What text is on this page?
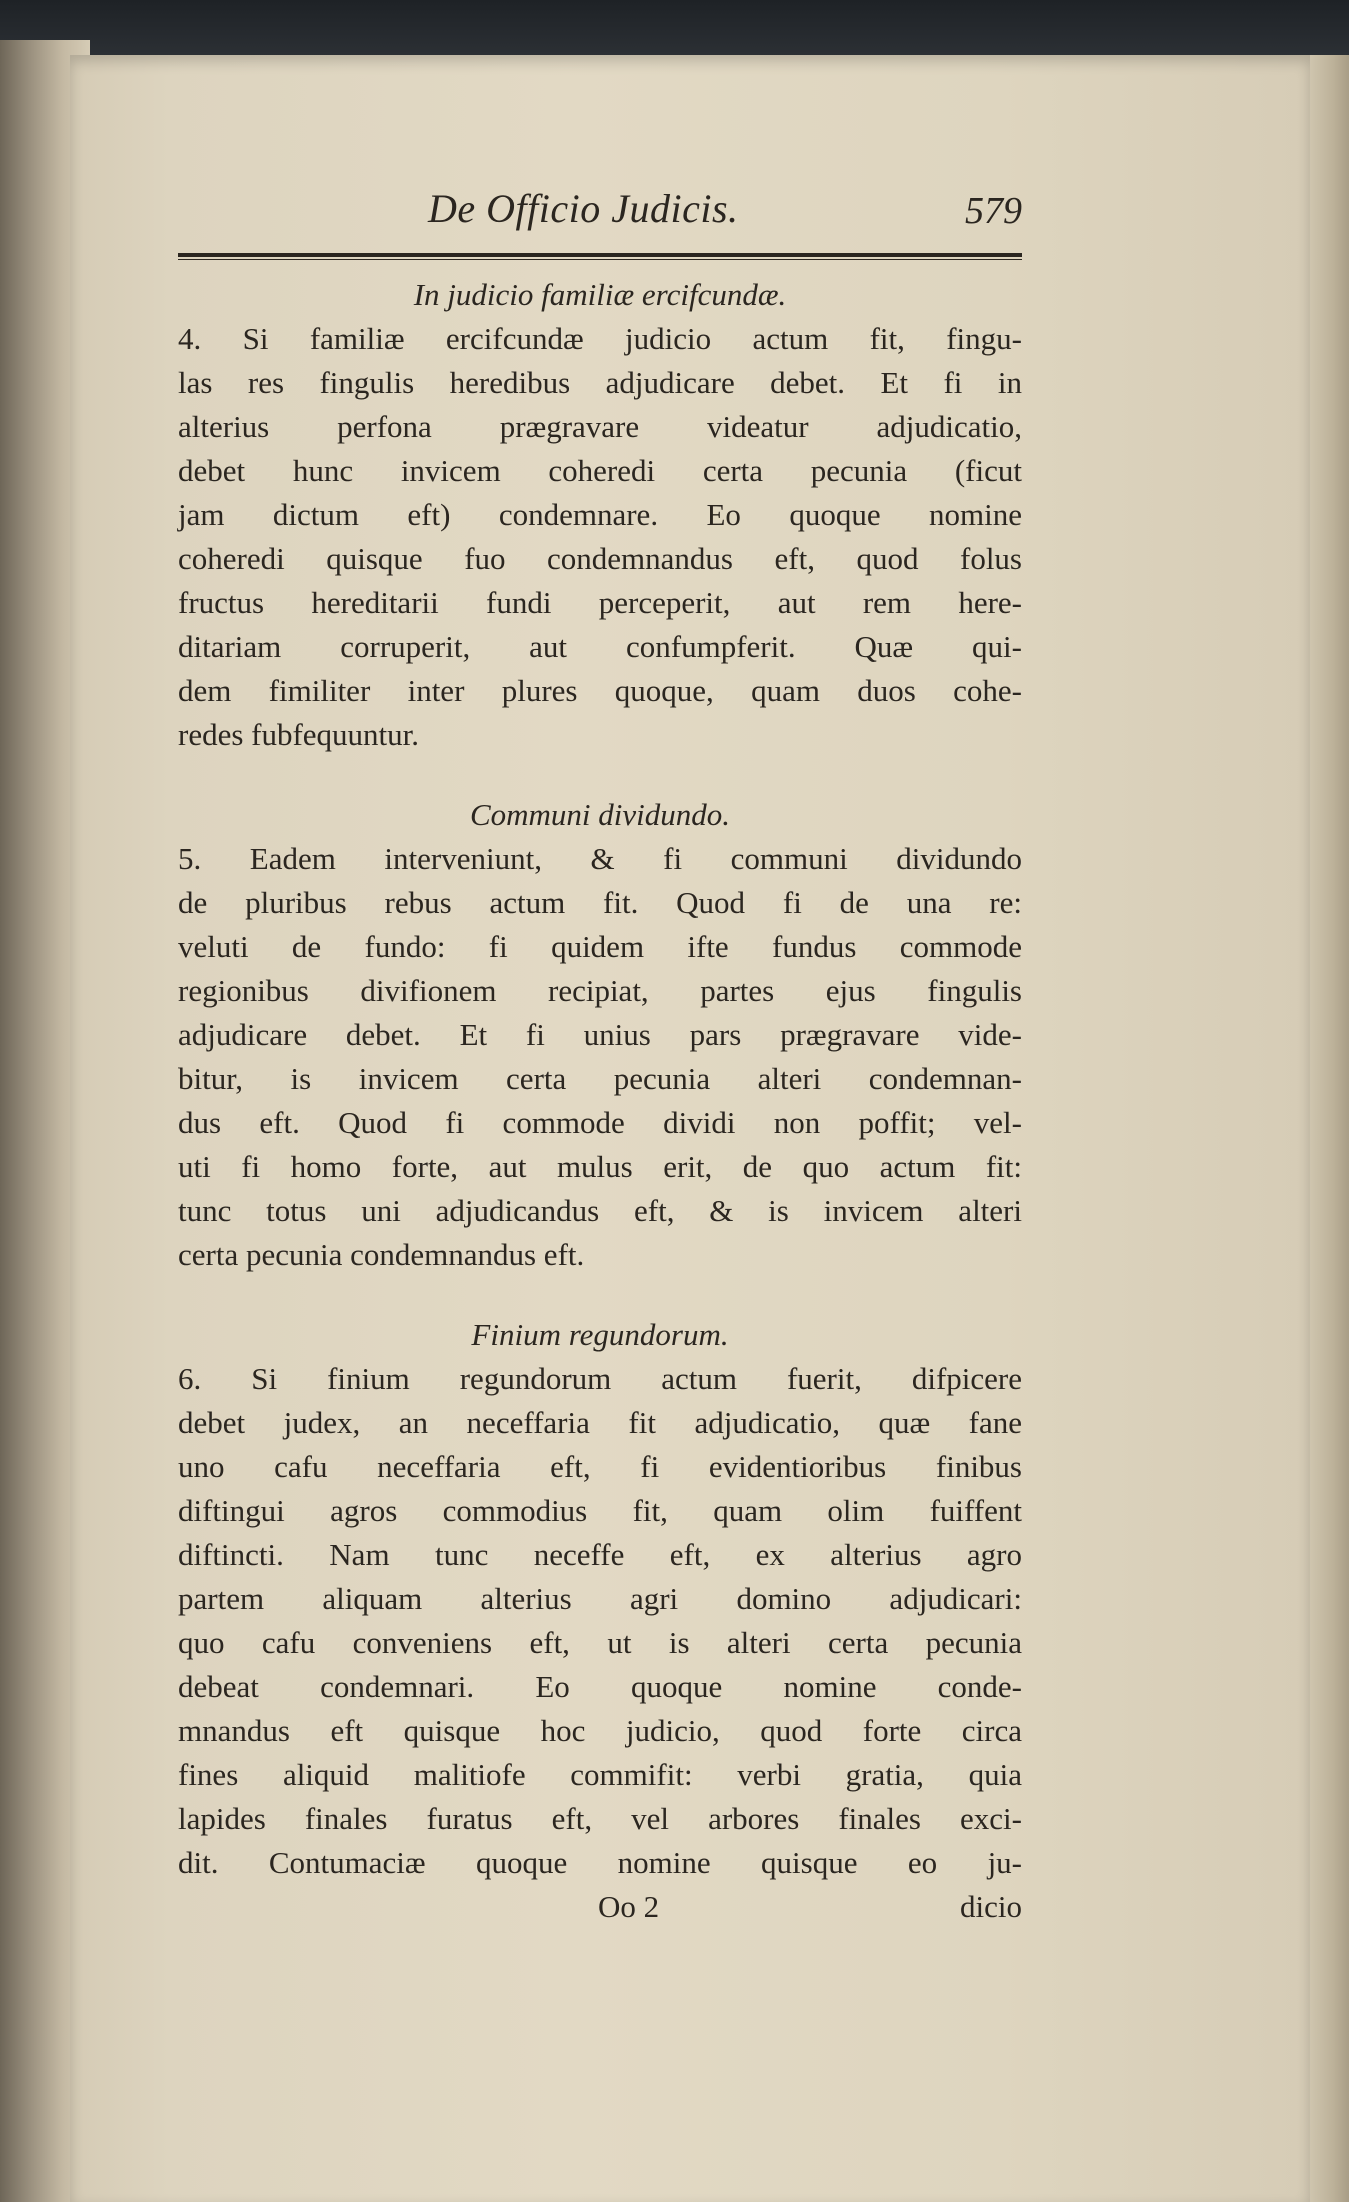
De Officio Judicis.	579

In judicio familiæ ercifcundæ.

4. Si familiæ ercifcundæ judicio actum fit, fingu-
las res fingulis heredibus adjudicare debet. Et fi in
alterius perfona prægravare videatur adjudicatio,
debet hunc invicem coheredi certa pecunia (ficut
jam dictum eft) condemnare. Eo quoque nomine
coheredi quisque fuo condemnandus eft, quod folus
fructus hereditarii fundi perceperit, aut rem here-
ditariam corruperit, aut confumpferit. Quæ qui-
dem fimiliter inter plures quoque, quam duos cohe-
redes fubfequuntur.

Communi dividundo.

5. Eadem interveniunt, & fi communi dividundo
de pluribus rebus actum fit. Quod fi de una re:
veluti de fundo: fi quidem ifte fundus commode
regionibus divifionem recipiat, partes ejus fingulis
adjudicare debet. Et fi unius pars prægravare vide-
bitur, is invicem certa pecunia alteri condemnan-
dus eft. Quod fi commode dividi non poffit; vel-
uti fi homo forte, aut mulus erit, de quo actum fit:
tunc totus uni adjudicandus eft, & is invicem alteri
certa pecunia condemnandus eft.

Finium regundorum.

6. Si finium regundorum actum fuerit, difpicere
debet judex, an neceffaria fit adjudicatio, quæ fane
uno cafu neceffaria eft, fi evidentioribus finibus
diftingui agros commodius fit, quam olim fuiffent
diftincti. Nam tunc neceffe eft, ex alterius agro
partem aliquam alterius agri domino adjudicari:
quo cafu conveniens eft, ut is alteri certa pecunia
debeat condemnari. Eo quoque nomine conde-
mnandus eft quisque hoc judicio, quod forte circa
fines aliquid malitiofe commifit: verbi gratia, quia
lapides finales furatus eft, vel arbores finales exci-
dit. Contumaciæ quoque nomine quisque eo ju-

Oo 2	dicio
